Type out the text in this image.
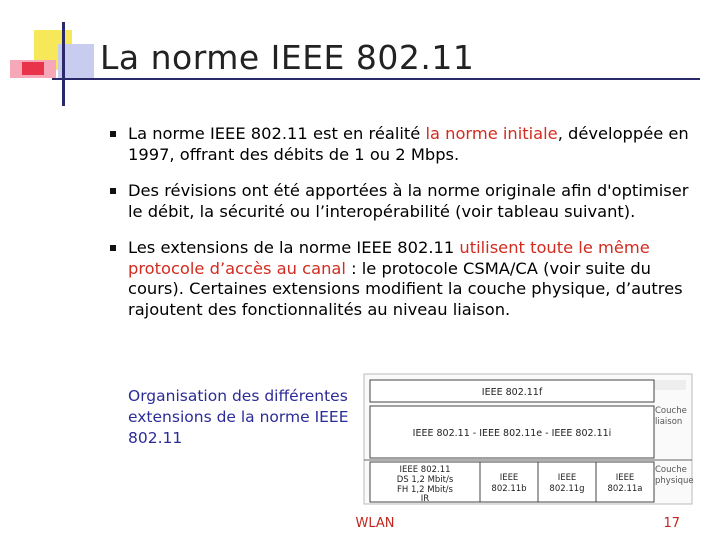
La norme IEEE 802.11
La norme IEEE 802.11 est en réalité la norme initiale, développée en 1997, offrant des débits de 1 ou 2 Mbps.
Des révisions ont été apportées à la norme originale afin d'optimiser le débit, la sécurité ou l’interopérabilité (voir tableau suivant).
Les extensions de la norme IEEE 802.11 utilisent toute le même protocole d’accès au canal : le protocole CSMA/CA (voir suite du cours). Certaines extensions modifient la couche physique, d’autres rajoutent des fonctionnalités au niveau liaison.
Organisation des différentes extensions de la norme IEEE 802.11
IEEE 802.11f
IEEE 802.11 - IEEE 802.11e - IEEE 802.11i
IEEE 802.11
DS 1,2 Mbit/s
FH 1,2 Mbit/s
IR
IEEE
802.11b
IEEE
802.11g
IEEE
802.11a
Couche
liaison
Couche
physique
WLAN	17
